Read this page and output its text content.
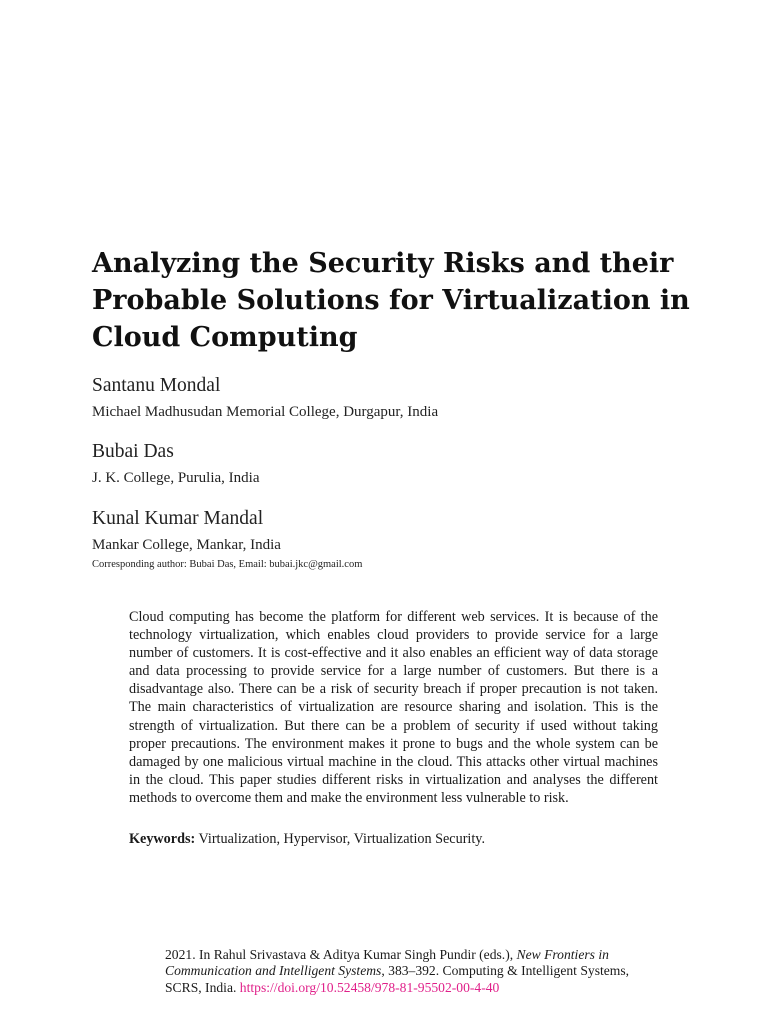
Analyzing the Security Risks and their
Probable Solutions for Virtualization in
Cloud Computing
Santanu Mondal
Michael Madhusudan Memorial College, Durgapur, India
Bubai Das
J. K. College, Purulia, India
Kunal Kumar Mandal
Mankar College, Mankar, India
Corresponding author: Bubai Das, Email: bubai.jkc@gmail.com

Cloud computing has become the platform for different web services. It is because of the technology virtualization, which enables cloud providers to provide service for a large number of customers. It is cost-effective and it also enables an efficient way of data storage and data processing to provide service for a large number of customers. But there is a disadvantage also. There can be a risk of security breach if proper precaution is not taken. The main characteristics of virtualization are resource sharing and isolation. This is the strength of virtualization. But there can be a problem of security if used without taking proper precautions. The environment makes it prone to bugs and the whole system can be damaged by one malicious virtual machine in the cloud. This attacks other virtual machines in the cloud. This paper studies different risks in virtualization and analyses the different methods to overcome them and make the environment less vulnerable to risk.

Keywords: Virtualization, Hypervisor, Virtualization Security.
2021. In Rahul Srivastava & Aditya Kumar Singh Pundir (eds.), New Frontiers in Communication and Intelligent Systems, 383–392. Computing & Intelligent Systems, SCRS, India. https://doi.org/10.52458/978-81-95502-00-4-40
